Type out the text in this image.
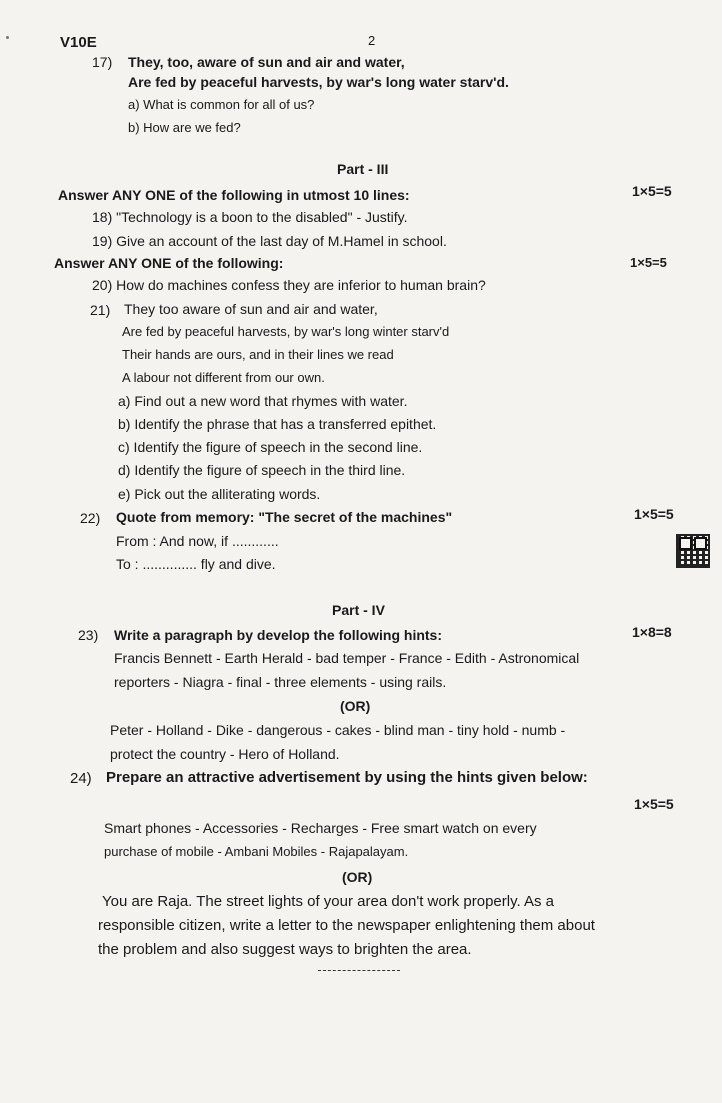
V10E	2
17) They, too, aware of sun and air and water,
Are fed by peaceful harvests, by war's long water starv'd.
a) What is common for all of us?
b) How are we fed?
Part - III
Answer ANY ONE of the following in utmost 10 lines:	1×5=5
18) "Technology is a boon to the disabled" - Justify.
19) Give an account of the last day of M.Hamel in school.
Answer ANY ONE of the following:	1×5=5
20) How do machines confess they are inferior to human brain?
21) They too aware of sun and air and water,
Are fed by peaceful harvests, by war's long winter starv'd
Their hands are ours, and in their lines we read
A labour not different from our own.
a) Find out a new word that rhymes with water.
b) Identify the phrase that has a transferred epithet.
c) Identify the figure of speech in the second line.
d) Identify the figure of speech in the third line.
e) Pick out the alliterating words.
22) Quote from memory: "The secret of the machines"	1×5=5
From : And now, if ............
To : .............. fly and dive.
Part - IV
23) Write a paragraph by develop the following hints:	1×8=8
Francis Bennett - Earth Herald - bad temper - France - Edith - Astronomical
reporters - Niagra - final - three elements - using rails.
(OR)
Peter - Holland - Dike - dangerous - cakes - blind man - tiny hold - numb -
protect the country - Hero of Holland.
24) Prepare an attractive advertisement by using the hints given below:
1×5=5
Smart phones - Accessories - Recharges - Free smart watch on every
purchase of mobile - Ambani Mobiles - Rajapalayam.
(OR)
You are Raja. The street lights of your area don't work properly. As a
responsible citizen, write a letter to the newspaper enlightening them about
the problem and also suggest ways to brighten the area.
